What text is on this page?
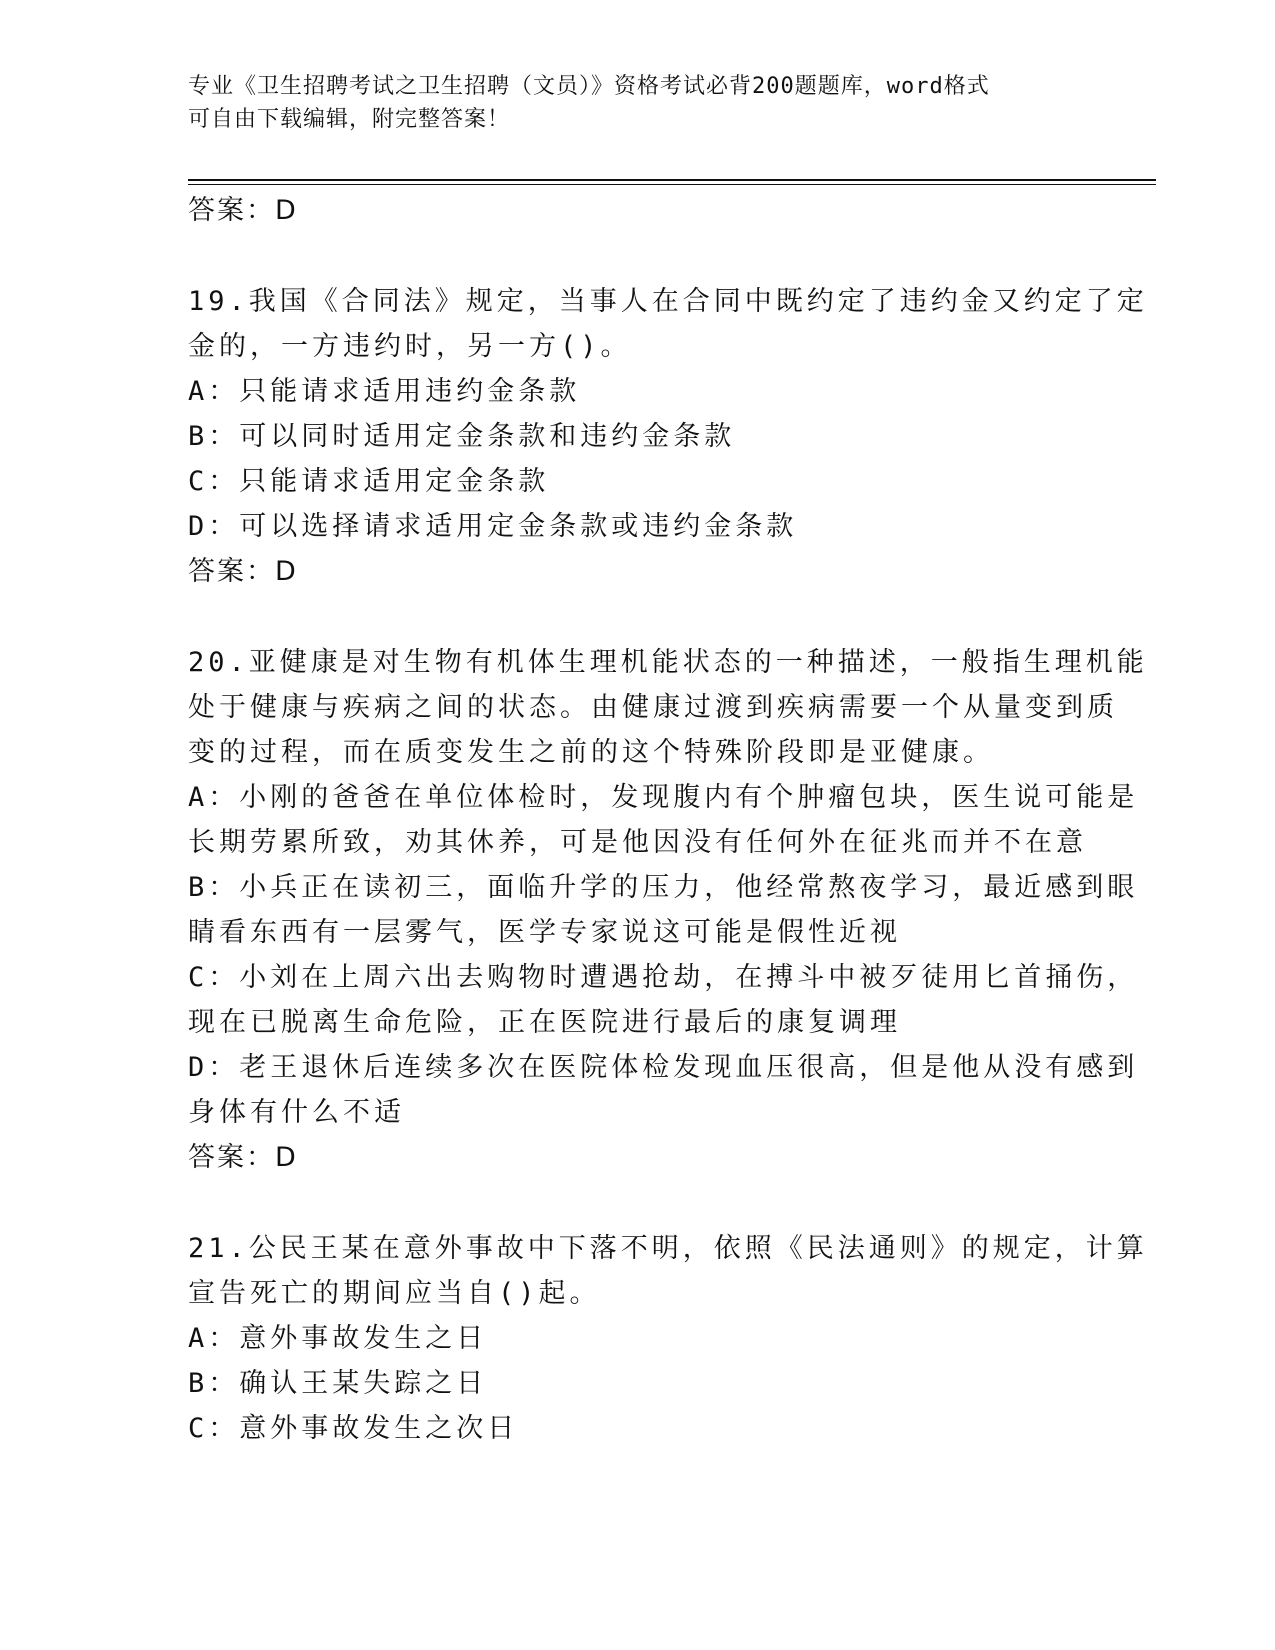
专业《卫生招聘考试之卫生招聘（文员）》资格考试必背200题题库，word格式
可自由下载编辑，附完整答案！
答案：D
19.我国《合同法》规定，当事人在合同中既约定了违约金又约定了定
金的，一方违约时，另一方()。
A：只能请求适用违约金条款
B：可以同时适用定金条款和违约金条款
C：只能请求适用定金条款
D：可以选择请求适用定金条款或违约金条款
答案：D
20.亚健康是对生物有机体生理机能状态的一种描述，一般指生理机能
处于健康与疾病之间的状态。由健康过渡到疾病需要一个从量变到质
变的过程，而在质变发生之前的这个特殊阶段即是亚健康。
A：小刚的爸爸在单位体检时，发现腹内有个肿瘤包块，医生说可能是
长期劳累所致，劝其休养，可是他因没有任何外在征兆而并不在意
B：小兵正在读初三，面临升学的压力，他经常熬夜学习，最近感到眼
睛看东西有一层雾气，医学专家说这可能是假性近视
C：小刘在上周六出去购物时遭遇抢劫，在搏斗中被歹徒用匕首捅伤，
现在已脱离生命危险，正在医院进行最后的康复调理
D：老王退休后连续多次在医院体检发现血压很高，但是他从没有感到
身体有什么不适
答案：D
21.公民王某在意外事故中下落不明，依照《民法通则》的规定，计算
宣告死亡的期间应当自()起。
A：意外事故发生之日
B：确认王某失踪之日
C：意外事故发生之次日
